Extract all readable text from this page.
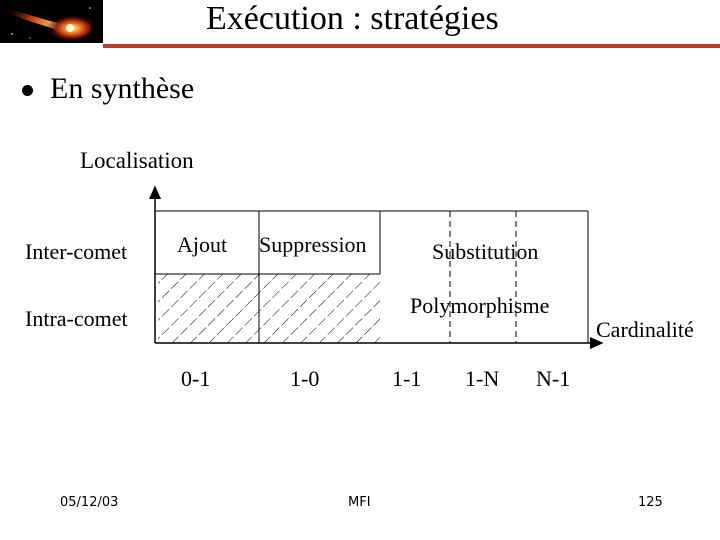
Exécution : stratégies
En synthèse
Localisation
Inter-comet
Intra-comet	Cardinalité
Ajout Suppression	Substitution
Polymorphisme
0-1	1-0	1-1 1-N N-1
05/12/03	MFI	125
